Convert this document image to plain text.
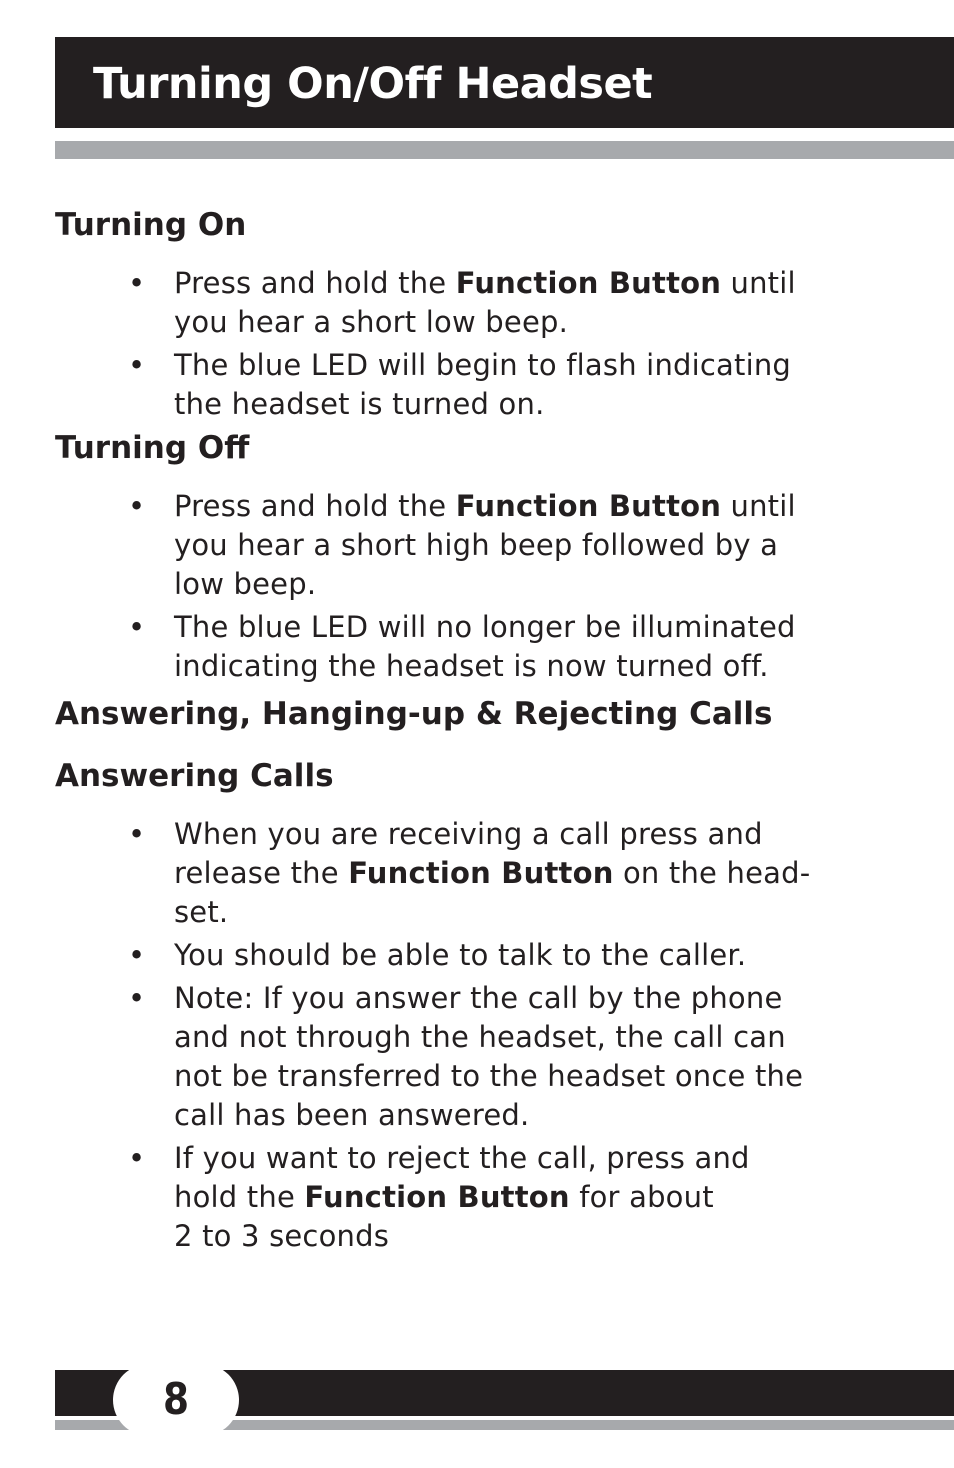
Turning On/Off Headset
Turning On
• Press and hold the Function Button until
you hear a short low beep.
• The blue LED will begin to flash indicating
the headset is turned on.
Turning Off
• Press and hold the Function Button until
you hear a short high beep followed by a
low beep.
• The blue LED will no longer be illuminated
indicating the headset is now turned off.
Answering, Hanging-up & Rejecting Calls
Answering Calls
• When you are receiving a call press and
release the Function Button on the head-
set.
• You should be able to talk to the caller.
• Note: If you answer the call by the phone
and not through the headset, the call can
not be transferred to the headset once the
call has been answered.
• If you want to reject the call, press and
hold the Function Button for about
2 to 3 seconds
8
